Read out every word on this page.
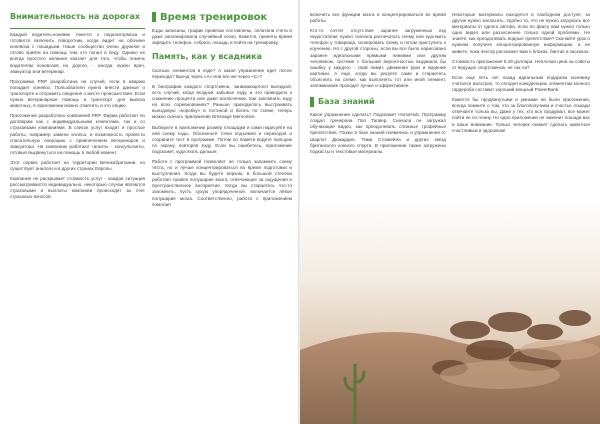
Внимательность на дорогах

Каждый водитель-коневик тянется к педалитормоза и готовится включить поворотник, когда видит на обочине коневоза с лошадьми. Наше сообщество очень дружное и готово прийти на помощь тем, кто попал в беду. Однако не всегда простого желания хватает для того, чтобы помочь водителям коневозов на дороге, - иногда нужен врач, эвакуатор или ветеринар.

Программа PRP разработана на случай, если в аварию попадает коневоз. Пользователи нужно внести данные о транспорте и отправить сведения о месте происшествия. Если нужна ветеринарная помощь и транспорт для вывоза животных, в приложении можно отметить и это опцию.

Приложение разработано компанией PRP. Фирма работает по договорам как с индивидуальными клиентами, так и со страховыми компаниями. В список услуг входят и простые работы, например замена колеса, и возможность провести спасательную операцию с привлечением ветеринаров и эвакуатора. На компанию работают гаганты - консультанты, готовые выдвинуться на помощь в любой момент.

Этот сервис работает на территории Великобритании, но существует аналоги и в других странах Европы.

Компания не раскрывает стоимость услуг - каждая ситуация рассматривается индивидуально, некоторые случаи являются страховыми и выплаты компании происходят за счет страховых взносов.

Время тренировок

Езды записаны, график привязок составлены, оплатили счета и даже запланировали случайный сезон. Кажется, приняты время зарядить телефон, собрать лошадь и пойти на тренировку.

Память, как у всадника

Сколько элементов в езде? А какое упражнение идет после перехода? Выезд через «А» или все же через «С»?

В биографии каждого спортсмена, занимающегося выездкой, есть случай, когда всадник забывал езду, и это приводило к снижению процента или даже исключению. Как запомнить езду на всех соревнованиях? Раньше приходилось выстраивать выездовую «коробку» в гостиной и бегать по схеме, теперь можно скачать приложение Dressage Memoriser.

Выберите в приложении размер площадки и сами нарисуйте на ней схему езды. Обозначьте точки подъемов и переходов и сохраните тест в программе. Потом по памяти водите пальцем по экрану, повторяя езду. Если вы ошибетесь, приложение подскажет, куда ехать дальше.

Работа с программой позволяет не только запомнить схему теста, но и лучше концентрироваться во время подготовки и выступления. Когда вы будете верхом, в большой степени работает правое полушарие мозга, отвечающее за ощущения и пространственное восприятие. Когда вы стараетесь что-то запомнить, пусть сухую упорядоченное, включается левое полушарие мозга. Соответственно, работа с приложением помогает

включить все функции мозга и концентрироваться во время работы.

Кто-то сочтет отсутствие заранее загруженных езд недостатком: нужно сначала распечатать схему или одолжить телефон у товарища, скопировать схему и потом приступить к изучению. Но с другой стороны, если вы все было нарисовано заранее идеальными прямыми линиями или другим человеком, системе с большей вероятностью выдавала бы ошибку у каждого - свой лимит, движения руки и видение картинки. А еще, когда вы рисуете сами и стараетесь объяснить на схеме, как выполнять тот или иной элемент, запоминание проходит лучше и эффективнее.

База знаний

Какое упражнение сделать? Подскажет HorseHub. Программу создал тренерона Пол Тапвер. Сначала он загружал обучающие видео, как преодолевать сложные трофейные препятствия. Позже в базе знаний появились и упражнения от Шарлот Дюжардин, Тима Стоквейла и других звезд британского конного спорта. В приложении также загружены подкасты и текстовые материалы.

Некоторые материалы находятся в свободном доступе, за другие нужно заплатить. Удобно то, что не нужно загружать все материалы от одного автора, если по факту вам нужно только одно видео или разъяснение только одной проблемы. Не знаете, как преодолевать водные препятствия? Скачайте урок о нужном получите концентрированную информацию, а не живете, пока лектор расскажет вам о блоках, бинтах и заскоках.

Стоимость приложения 5,49 доллара. Неплохая цена за советы от ведущих спортсменов, не так ли?

Если еще пять лет назад идеальным подарком коневику считался вальтрап, то сегодня конкуренцию элементам конного гардероба составит хороший мощный PowerBank.

Кажется бы продвинутыми и умными ни были приложения, всегда помните о том, что за благополучием и счастье лошади отвечаете только вы. Даже у тех, кто все продумал, все может пойти не по плану. Но одно приложение не заменит лошади вас и ваше внимание. Только человек сможет сделать животное счастливым и здоровым!
